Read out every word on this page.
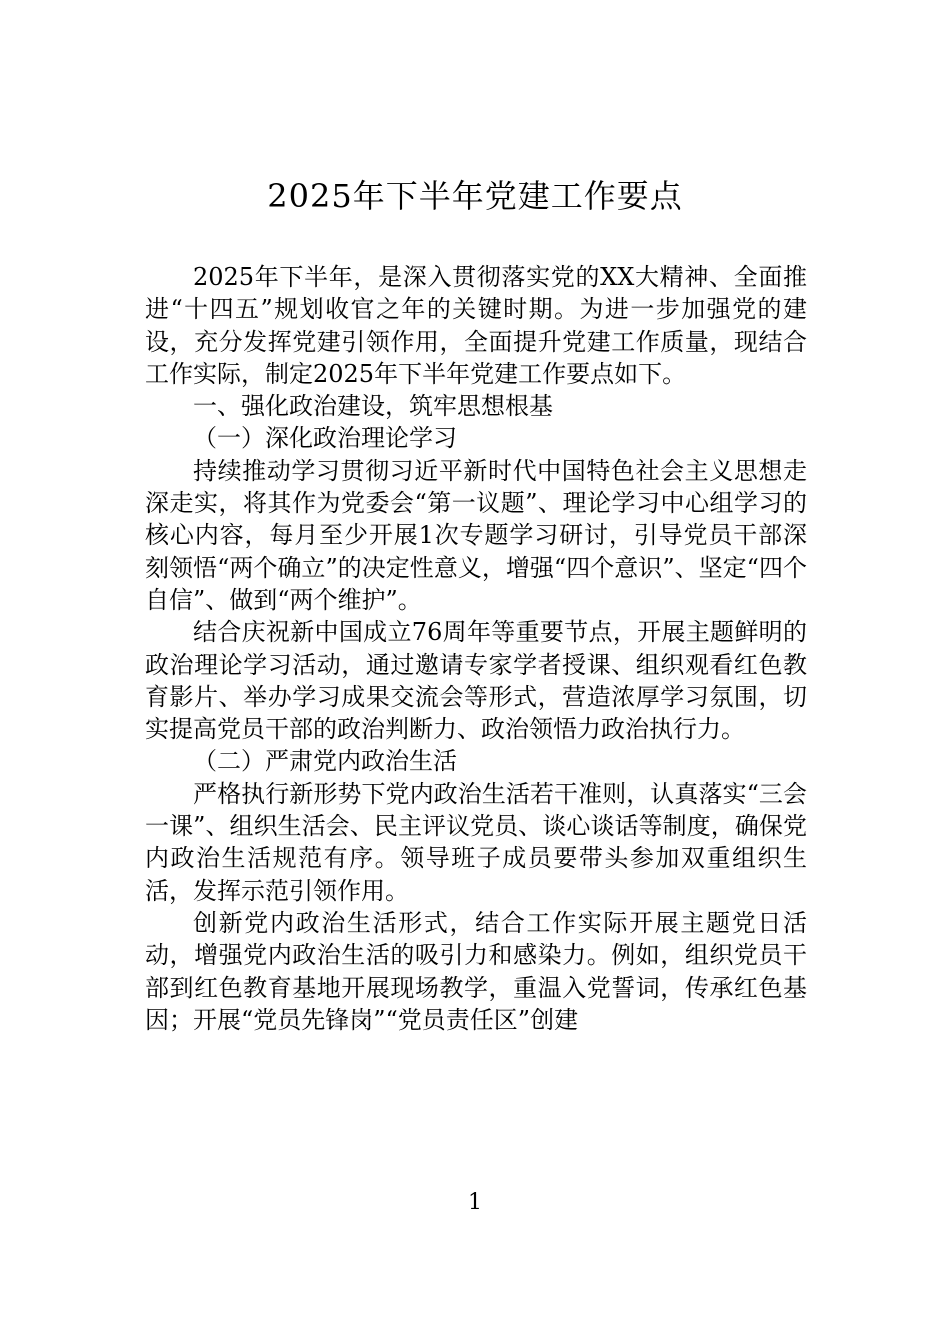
2025年下半年党建工作要点

2025年下半年，是深入贯彻落实党的XX大精神、全面推进“十四五”规划收官之年的关键时期。为进一步加强党的建设，充分发挥党建引领作用，全面提升党建工作质量，现结合工作实际，制定2025年下半年党建工作要点如下。

一、强化政治建设，筑牢思想根基

（一）深化政治理论学习

持续推动学习贯彻习近平新时代中国特色社会主义思想走深走实，将其作为党委会“第一议题”、理论学习中心组学习的核心内容，每月至少开展1次专题学习研讨，引导党员干部深刻领悟“两个确立”的决定性意义，增强“四个意识”、坚定“四个自信”、做到“两个维护”。

结合庆祝新中国成立76周年等重要节点，开展主题鲜明的政治理论学习活动，通过邀请专家学者授课、组织观看红色教育影片、举办学习成果交流会等形式，营造浓厚学习氛围，切实提高党员干部的政治判断力、政治领悟力政治执行力。

（二）严肃党内政治生活

严格执行新形势下党内政治生活若干准则，认真落实“三会一课”、组织生活会、民主评议党员、谈心谈话等制度，确保党内政治生活规范有序。领导班子成员要带头参加双重组织生活，发挥示范引领作用。

创新党内政治生活形式，结合工作实际开展主题党日活动，增强党内政治生活的吸引力和感染力。例如，组织党员干部到红色教育基地开展现场教学，重温入党誓词，传承红色基因；开展“党员先锋岗”“党员责任区”创建

1
